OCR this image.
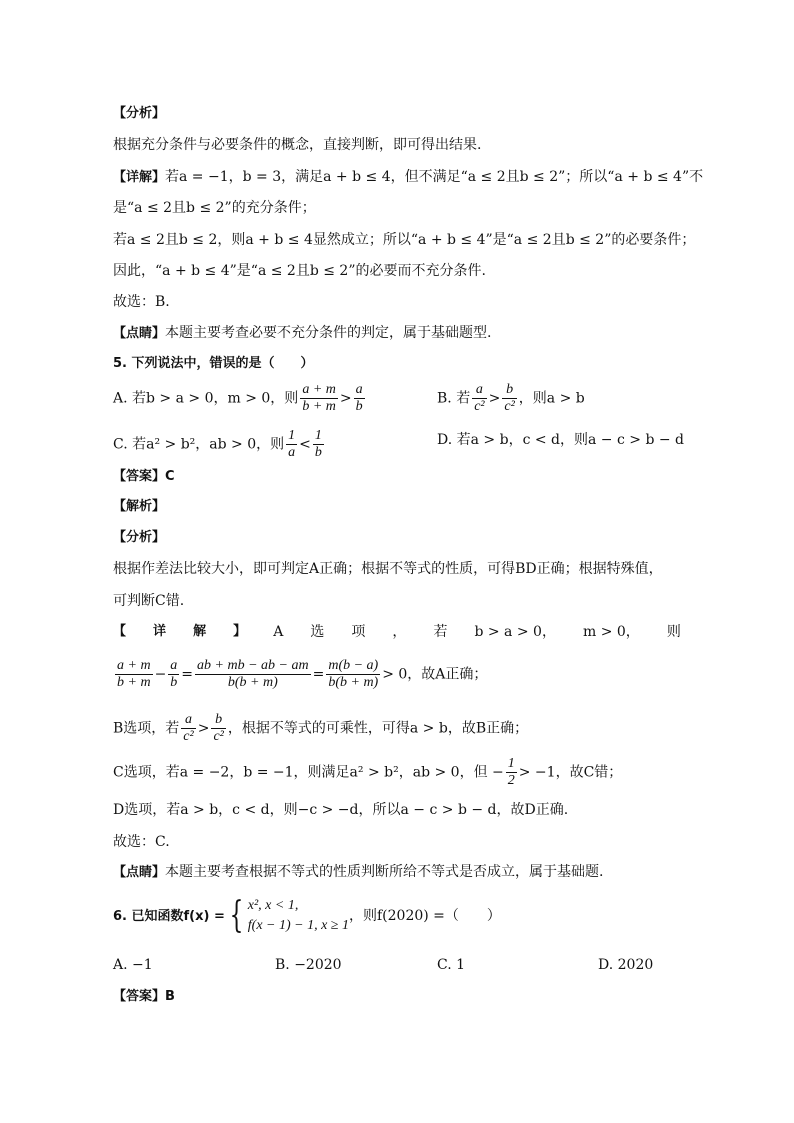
【分析】
根据充分条件与必要条件的概念，直接判断，即可得出结果.
【详解】若a = −1，b = 3，满足a + b ≤ 4，但不满足“a ≤ 2且b ≤ 2”；所以“a + b ≤ 4”不
是“a ≤ 2且b ≤ 2”的充分条件；
若a ≤ 2且b ≤ 2，则a + b ≤ 4显然成立；所以“a + b ≤ 4”是“a ≤ 2且b ≤ 2”的必要条件；
因此，“a + b ≤ 4”是“a ≤ 2且b ≤ 2”的必要而不充分条件.
故选：B.
【点睛】本题主要考查必要不充分条件的判定，属于基础题型.
5. 下列说法中，错误的是（　　）
A. 若b > a > 0，m > 0，则 $\frac{a + m}{b + m} > \frac{a}{b}$	B. 若 $\frac{a}{\text{c²}} > \frac{b}{\text{c²}}$ ，则a > b
C. 若a² > b²，ab > 0，则 $\frac{1}{a} < \frac{1}{b}$	D. 若a > b，c < d，则a − c > b − d
【答案】C
【解析】
【分析】
根据作差法比较大小，即可判定A正确；根据不等式的性质，可得BD正确；根据特殊值，
可判断C错.
【 详 解 】 A 选 项 ， 若 b > a > 0， m > 0， 则
$\frac{a + m}{b + m} - \frac{a}{b} = \frac{ab + mb - ab - am}{b(b + m)} = \frac{m(b - a)}{b(b + m)} > 0$，故A正确；
B选项，若 $\frac{a}{\text{c²}} > \frac{b}{\text{c²}}$ ，根据不等式的可乘性，可得a > b，故B正确；
C选项，若a = −2，b = −1，则满足a² > b²，ab > 0，但 − $\frac{1}{2} > -1$，故C错；
D选项，若a > b，c < d，则−c > −d，所以a − c > b − d，故D正确.
故选：C.
【点睛】本题主要考查根据不等式的性质判断所给不等式是否成立，属于基础题.
6. 已知函数f(x) = { x², x < 1,
f(x − 1) − 1, x ≥ 1
，则f(2020) =（　　）
A. −1	B. −2020	C. 1	D. 2020
【答案】B
